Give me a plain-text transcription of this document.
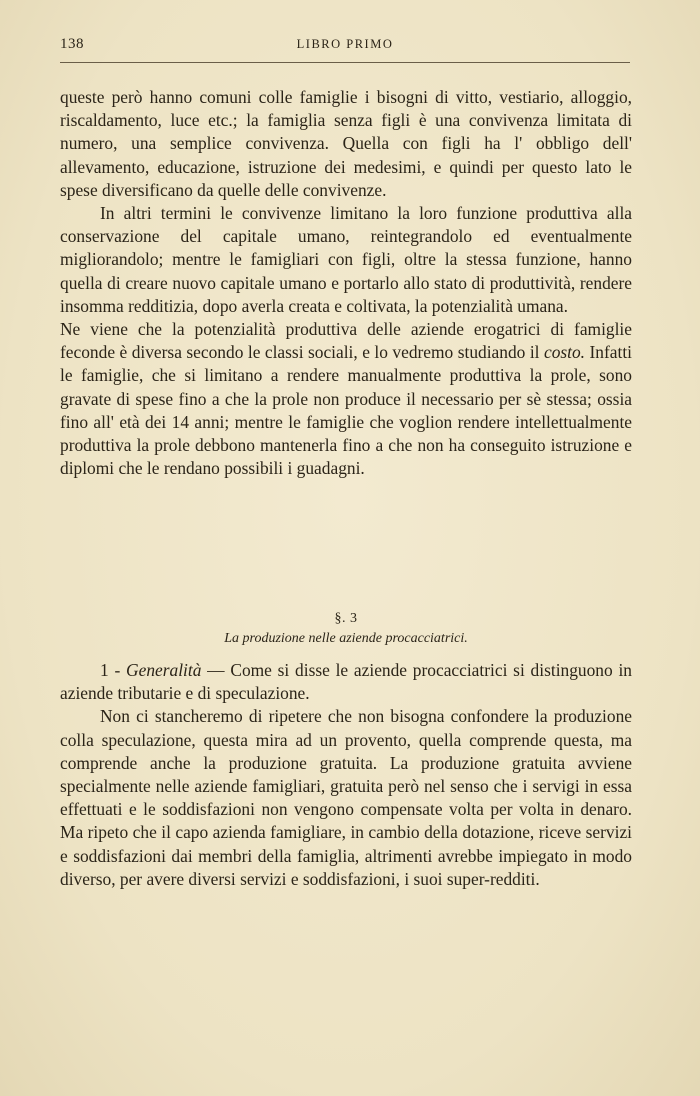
138	LIBRO PRIMO

queste però hanno comuni colle famiglie i bisogni di vitto, vestiario, alloggio, riscaldamento, luce etc.; la famiglia senza figli è una convivenza limitata di numero, una semplice convivenza. Quella con figli ha l' obbligo dell' allevamento, educazione, istruzione dei medesimi, e quindi per questo lato le spese diversificano da quelle delle convivenze.

In altri termini le convivenze limitano la loro funzione produttiva alla conservazione del capitale umano, reintegrandolo ed eventualmente migliorandolo; mentre le famigliari con figli, oltre la stessa funzione, hanno quella di creare nuovo capitale umano e portarlo allo stato di produttività, rendere insomma redditizia, dopo averla creata e coltivata, la potenzialità umana.

Ne viene che la potenzialità produttiva delle aziende erogatrici di famiglie feconde è diversa secondo le classi sociali, e lo vedremo studiando il costo. Infatti le famiglie, che si limitano a rendere manualmente produttiva la prole, sono gravate di spese fino a che la prole non produce il necessario per sè stessa; ossia fino all' età dei 14 anni; mentre le famiglie che voglion rendere intellettualmente produttiva la prole debbono mantenerla fino a che non ha conseguito istruzione e diplomi che le rendano possibili i guadagni.

§. 3
La produzione nelle aziende procacciatrici.

1 - Generalità — Come si disse le aziende procacciatrici si distinguono in aziende tributarie e di speculazione.

Non ci stancheremo di ripetere che non bisogna confondere la produzione colla speculazione, questa mira ad un provento, quella comprende questa, ma comprende anche la produzione gratuita. La produzione gratuita avviene specialmente nelle aziende famigliari, gratuita però nel senso che i servigi in essa effettuati e le soddisfazioni non vengono compensate volta per volta in denaro. Ma ripeto che il capo azienda famigliare, in cambio della dotazione, riceve servizi e soddisfazioni dai membri della famiglia, altrimenti avrebbe impiegato in modo diverso, per avere diversi servizi e soddisfazioni, i suoi super-redditi.
